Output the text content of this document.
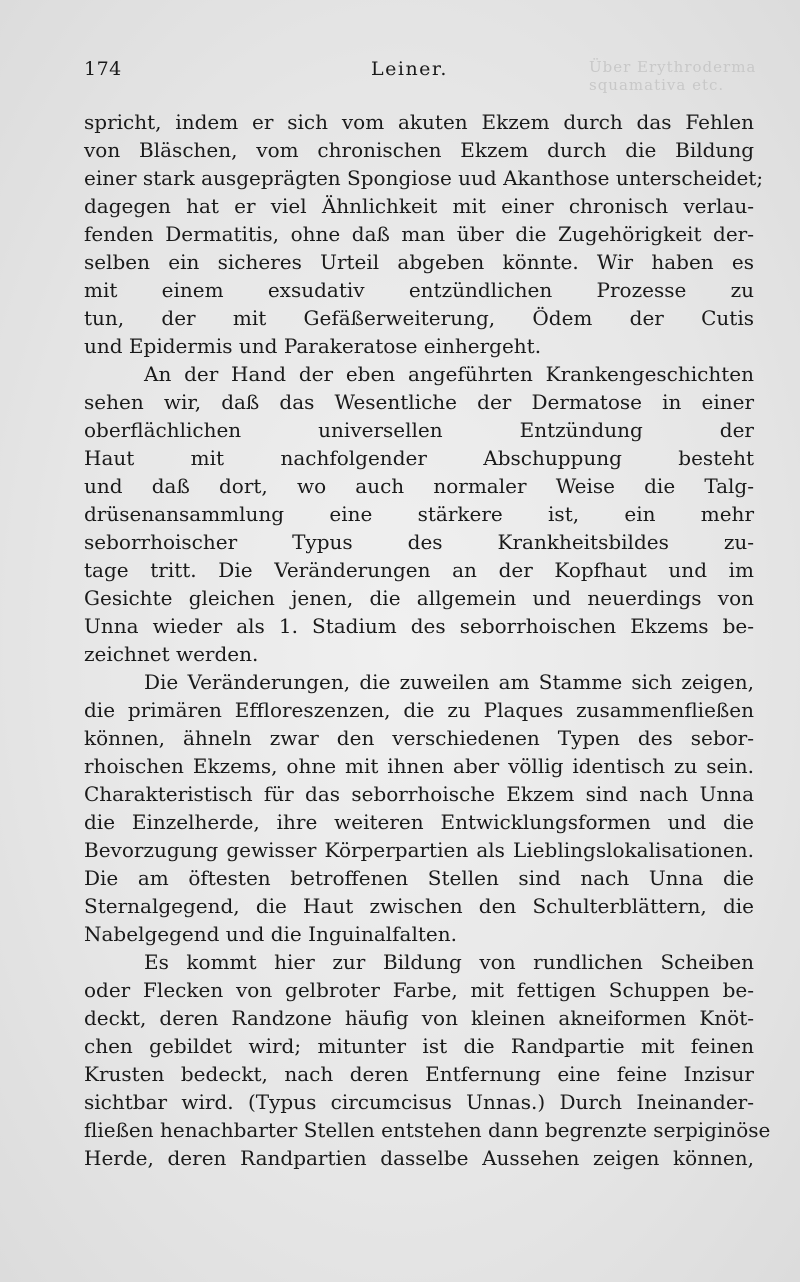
174	Über Erythroderma squamativa etc.
Leiner.
spricht, indem er sich vom akuten Ekzem durch das Fehlen
von Bläschen, vom chronischen Ekzem durch die Bildung
einer stark ausgeprägten Spongiose uud Akanthose unterscheidet;
dagegen hat er viel Ähnlichkeit mit einer chronisch verlau-
fenden Dermatitis, ohne daß man über die Zugehörigkeit der-
selben ein sicheres Urteil abgeben könnte. Wir haben es
mit einem exsudativ entzündlichen Prozesse zu
tun, der mit Gefäßerweiterung, Ödem der Cutis
und Epidermis und Parakeratose einhergeht.
An der Hand der eben angeführten Krankengeschichten
sehen wir, daß das Wesentliche der Dermatose in einer
oberflächlichen universellen Entzündung der
Haut mit nachfolgender Abschuppung besteht
und daß dort, wo auch normaler Weise die Talg-
drüsenansammlung eine stärkere ist, ein mehr
seborrhoischer Typus des Krankheitsbildes zu-
tage tritt. Die Veränderungen an der Kopfhaut und im
Gesichte gleichen jenen, die allgemein und neuerdings von
Unna wieder als 1. Stadium des seborrhoischen Ekzems be-
zeichnet werden.
Die Veränderungen, die zuweilen am Stamme sich zeigen,
die primären Effloreszenzen, die zu Plaques zusammenfließen
können, ähneln zwar den verschiedenen Typen des sebor-
rhoischen Ekzems, ohne mit ihnen aber völlig identisch zu sein.
Charakteristisch für das seborrhoische Ekzem sind nach Unna
die Einzelherde, ihre weiteren Entwicklungsformen und die
Bevorzugung gewisser Körperpartien als Lieblingslokalisationen.
Die am öftesten betroffenen Stellen sind nach Unna die
Sternalgegend, die Haut zwischen den Schulterblättern, die
Nabelgegend und die Inguinalfalten.
Es kommt hier zur Bildung von rundlichen Scheiben
oder Flecken von gelbroter Farbe, mit fettigen Schuppen be-
deckt, deren Randzone häufig von kleinen akneiformen Knöt-
chen gebildet wird; mitunter ist die Randpartie mit feinen
Krusten bedeckt, nach deren Entfernung eine feine Inzisur
sichtbar wird. (Typus circumcisus Unnas.) Durch Ineinander-
fließen henachbarter Stellen entstehen dann begrenzte serpiginöse
Herde, deren Randpartien dasselbe Aussehen zeigen können,
